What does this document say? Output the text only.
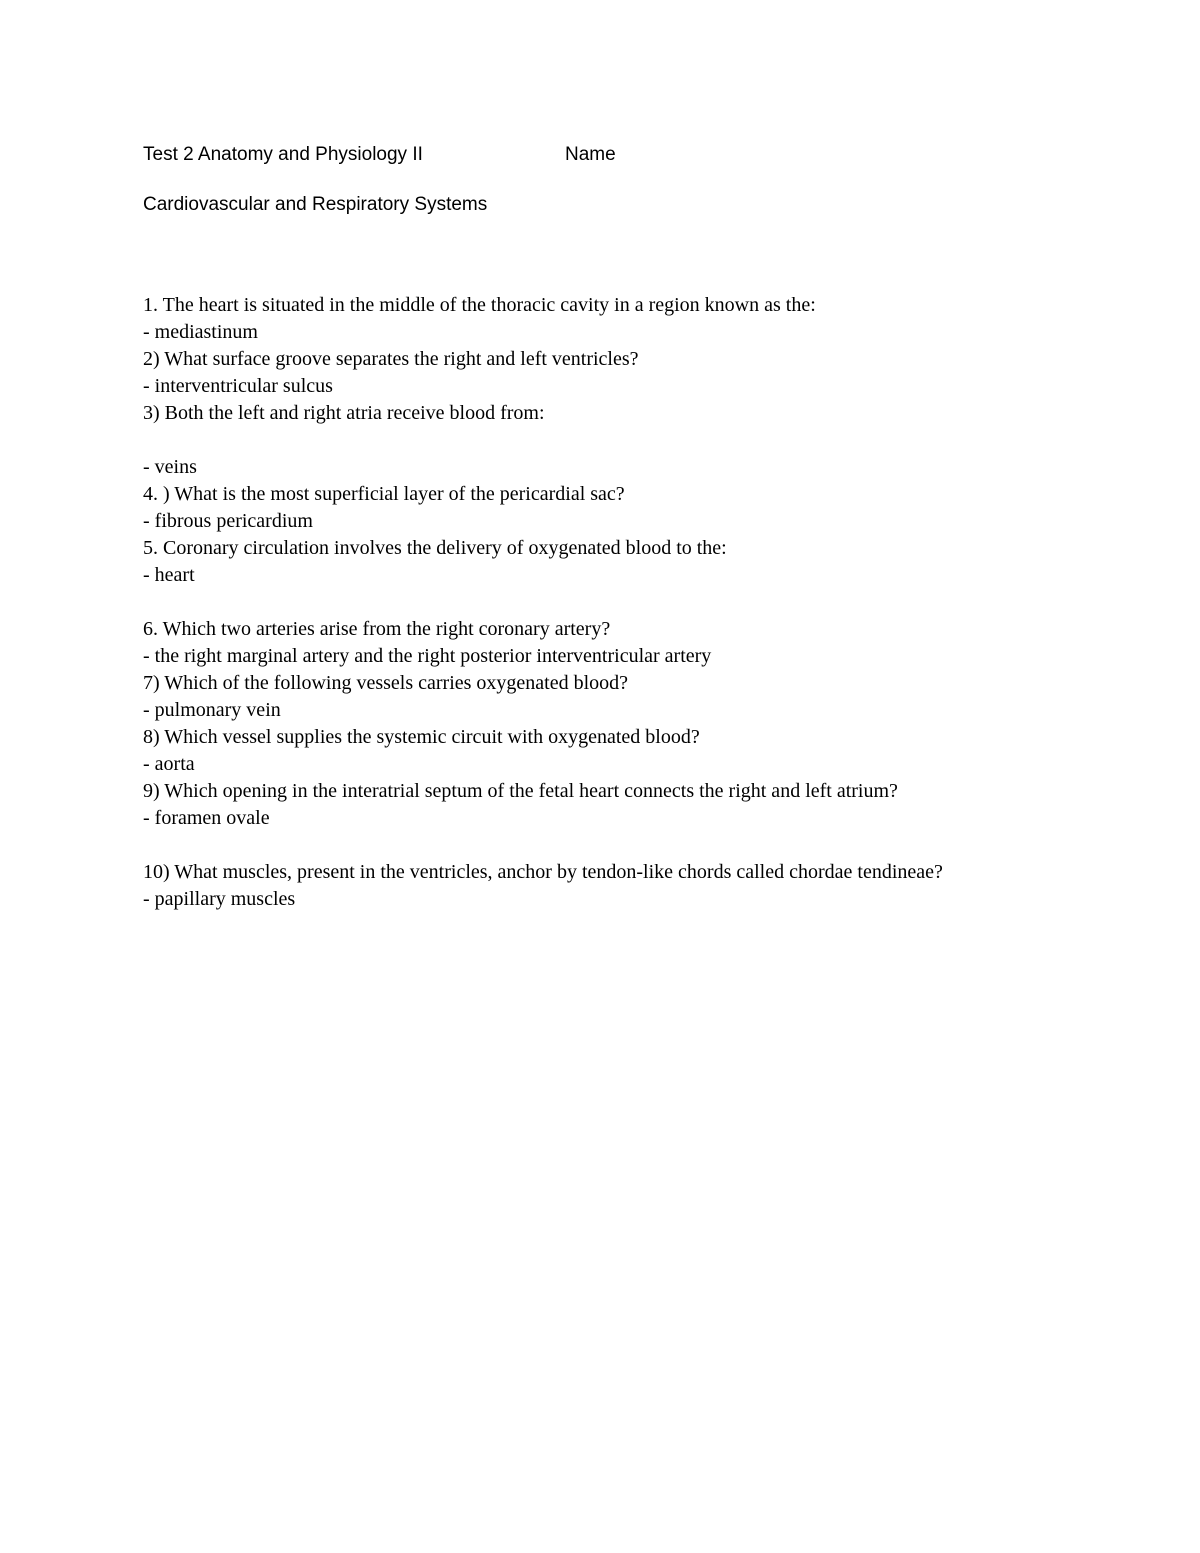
Test 2 Anatomy and Physiology II	Name
Cardiovascular and Respiratory Systems
1. The heart is situated in the middle of the thoracic cavity in a region known as the:
- mediastinum
2) What surface groove separates the right and left ventricles?
- interventricular sulcus
3) Both the left and right atria receive blood from:
- veins
4. ) What is the most superficial layer of the pericardial sac?
- fibrous pericardium
5. Coronary circulation involves the delivery of oxygenated blood to the:
- heart
6. Which two arteries arise from the right coronary artery?
- the right marginal artery and the right posterior interventricular artery
7) Which of the following vessels carries oxygenated blood?
- pulmonary vein
8) Which vessel supplies the systemic circuit with oxygenated blood?
- aorta
9) Which opening in the interatrial septum of the fetal heart connects the right and left atrium?
- foramen ovale
10) What muscles, present in the ventricles, anchor by tendon-like chords called chordae tendineae?
- papillary muscles
